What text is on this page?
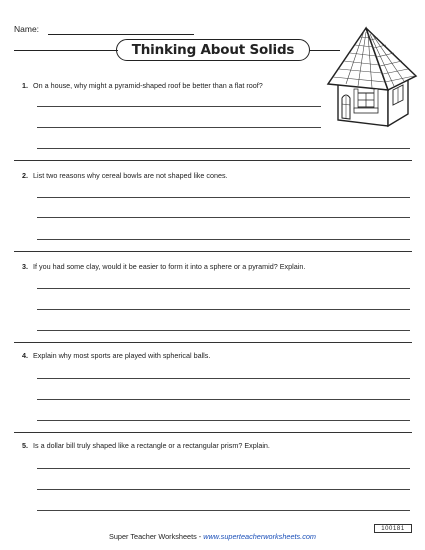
Name:
Thinking About Solids
1. On a house, why might a pyramid-shaped roof be better than a flat roof?
2. List two reasons why cereal bowls are not shaped like cones.
3. If you had some clay, would it be easier to form it into a sphere or a pyramid? Explain.
4. Explain why most sports are played with spherical balls.
5. Is a dollar bill truly shaped like a rectangle or a rectangular prism? Explain.
100181
Super Teacher Worksheets - www.superteacherworksheets.com
